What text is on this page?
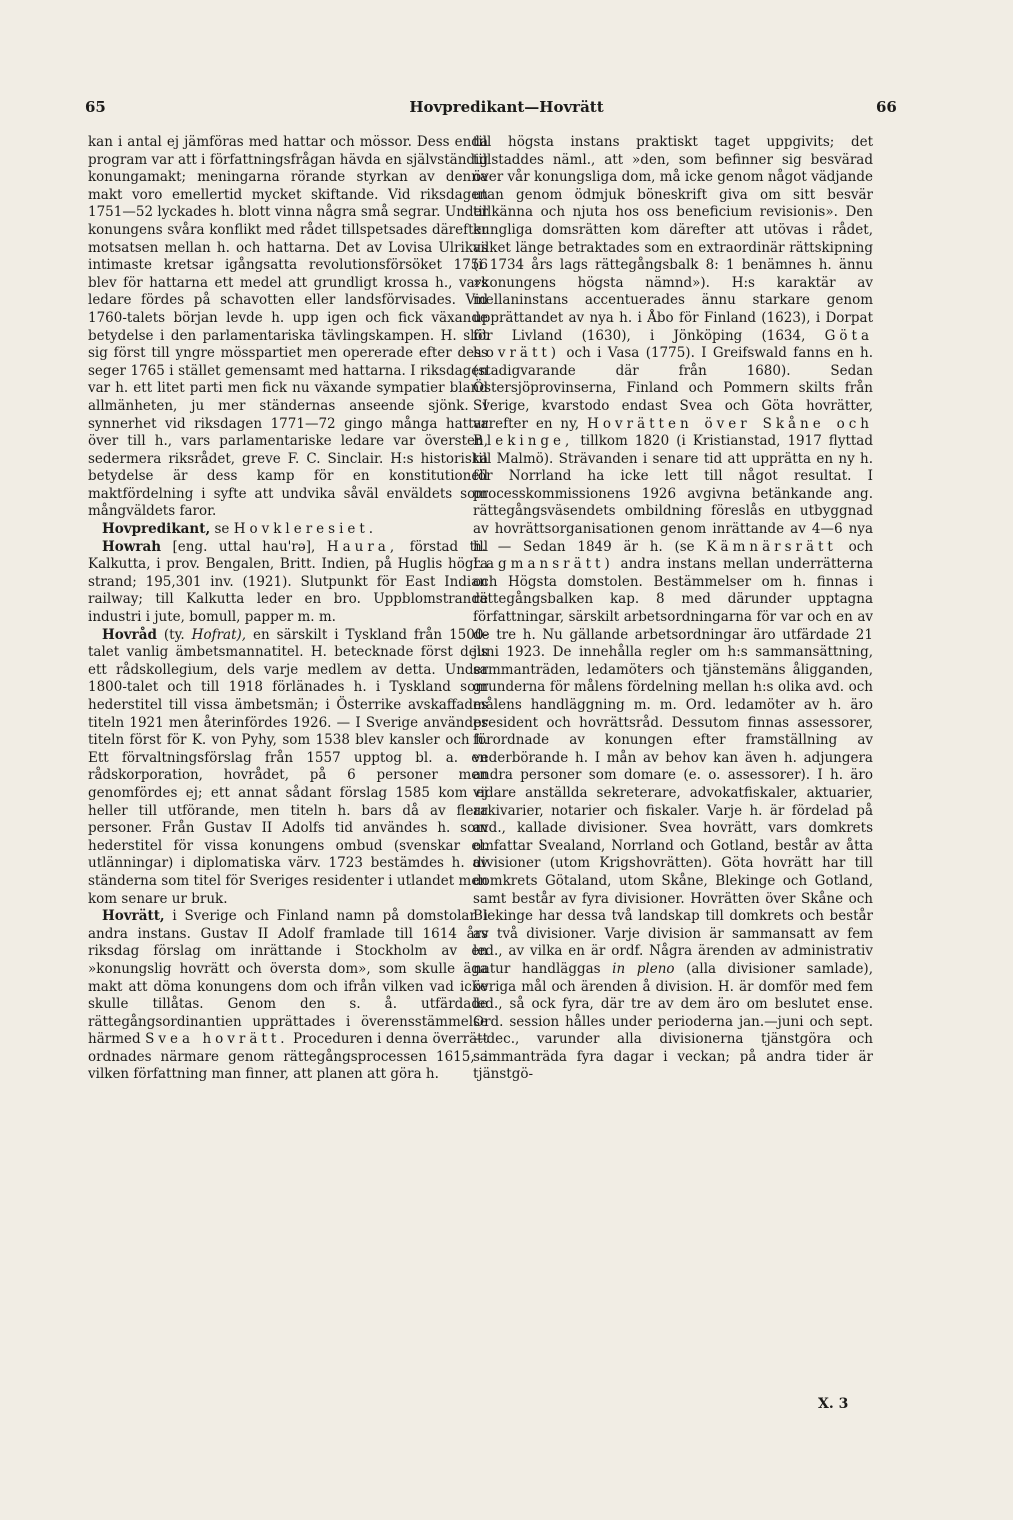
65	Hovpredikant—Hovrätt	66

kan i antal ej jämföras med hattar och mössor. Dess enda program var att i författningsfrågan hävda en självständig konungamakt; meningarna rörande styrkan av denna makt voro emellertid mycket skiftande. Vid riksdagen 1751—52 lyckades h. blott vinna några små segrar. Under konungens svåra konflikt med rådet tillspetsades därefter motsatsen mellan h. och hattarna. Det av Lovisa Ulrikas intimaste kretsar igångsatta revolutionsförsöket 1756 blev för hattarna ett medel att grundligt krossa h., vars ledare fördes på schavotten eller landsförvisades. Vid 1760-talets början levde h. upp igen och fick växande betydelse i den parlamentariska tävlingskampen. H. slöt sig först till yngre mösspartiet men opererade efter dess seger 1765 i stället gemensamt med hattarna. I riksdagen var h. ett litet parti men fick nu växande sympatier bland allmänheten, ju mer ständernas anseende sjönk. I synnerhet vid riksdagen 1771—72 gingo många hattar över till h., vars parlamentariske ledare var översten, sedermera riksrådet, greve F. C. Sinclair. H:s historiska betydelse är dess kamp för en konstitutionell maktfördelning i syfte att undvika såväl enväldets som mångväldets faror.

Hovpredikant, se Hovkleresiet.

Howrah [eng. uttal hau'rə], Haura, förstad till Kalkutta, i prov. Bengalen, Britt. Indien, på Huglis högra strand; 195,301 inv. (1921). Slutpunkt för East Indian railway; till Kalkutta leder en bro. Uppblomstrande industri i jute, bomull, papper m. m.

Hovråd (ty. Hofrat), en särskilt i Tyskland från 1500-talet vanlig ämbetsmannatitel. H. betecknade först dels ett rådskollegium, dels varje medlem av detta. Under 1800-talet och till 1918 förlänades h. i Tyskland som hederstitel till vissa ämbetsmän; i Österrike avskaffades titeln 1921 men återinfördes 1926. — I Sverige användes titeln först för K. von Pyhy, som 1538 blev kansler och h. Ett förvaltningsförslag från 1557 upptog bl. a. en rådskorporation, hovrådet, på 6 personer men genomfördes ej; ett annat sådant förslag 1585 kom ej heller till utförande, men titeln h. bars då av flera personer. Från Gustav II Adolfs tid användes h. som hederstitel för vissa konungens ombud (svenskar el. utlänningar) i diplomatiska värv. 1723 bestämdes h. av ständerna som titel för Sveriges residenter i utlandet men kom senare ur bruk.

Hovrätt, i Sverige och Finland namn på domstolar i andra instans. Gustav II Adolf framlade till 1614 års riksdag förslag om inrättande i Stockholm av en »konungslig hovrätt och översta dom», som skulle äga makt att döma konungens dom och ifrån vilken vad icke skulle tillåtas. Genom den s. å. utfärdade rättegångsordinantien upprättades i överensstämmelse härmed Svea hovrätt. Proceduren i denna överrätt ordnades närmare genom rättegångsprocessen 1615, i vilken författning man finner, att planen att göra h.

till högsta instans praktiskt taget uppgivits; det tillstaddes näml., att »den, som befinner sig besvärad över vår konungsliga dom, må icke genom något vädjande utan genom ödmjuk böneskrift giva om sitt besvär tillkänna och njuta hos oss beneficium revisionis». Den kungliga domsrätten kom därefter att utövas i rådet, vilket länge betraktades som en extraordinär rättskipning (i 1734 års lags rättegångsbalk 8: 1 benämnes h. ännu »konungens högsta nämnd»). H:s karaktär av mellaninstans accentuerades ännu starkare genom upprättandet av nya h. i Åbo för Finland (1623), i Dorpat för Livland (1630), i Jönköping (1634, Göta hovrätt) och i Vasa (1775). I Greifswald fanns en h. (stadigvarande där från 1680). Sedan Östersjöprovinserna, Finland och Pommern skilts från Sverige, kvarstodo endast Svea och Göta hovrätter, varefter en ny, Hovrätten över Skåne och Blekinge, tillkom 1820 (i Kristianstad, 1917 flyttad till Malmö). Strävanden i senare tid att upprätta en ny h. för Norrland ha icke lett till något resultat. I processkommissionens 1926 avgivna betänkande ang. rättegångsväsendets ombildning föreslås en utbyggnad av hovrättsorganisationen genom inrättande av 4—6 nya h. — Sedan 1849 är h. (se Kämnärsrätt och Lagmansrätt) andra instans mellan underrätterna och Högsta domstolen. Bestämmelser om h. finnas i rättegångsbalken kap. 8 med därunder upptagna författningar, särskilt arbetsordningarna för var och en av de tre h. Nu gällande arbetsordningar äro utfärdade 21 juni 1923. De innehålla regler om h:s sammansättning, sammanträden, ledamöters och tjänstemäns åligganden, grunderna för målens fördelning mellan h:s olika avd. och målens handläggning m. m. Ord. ledamöter av h. äro president och hovrättsråd. Dessutom finnas assessorer, förordnade av konungen efter framställning av vederbörande h. I mån av behov kan även h. adjungera andra personer som domare (e. o. assessorer). I h. äro vidare anställda sekreterare, advokatfiskaler, aktuarier, arkivarier, notarier och fiskaler. Varje h. är fördelad på avd., kallade divisioner. Svea hovrätt, vars domkrets omfattar Svealand, Norrland och Gotland, består av åtta divisioner (utom Krigshovrätten). Göta hovrätt har till domkrets Götaland, utom Skåne, Blekinge och Gotland, samt består av fyra divisioner. Hovrätten över Skåne och Blekinge har dessa två landskap till domkrets och består av två divisioner. Varje division är sammansatt av fem led., av vilka en är ordf. Några ärenden av administrativ natur handläggas in pleno (alla divisioner samlade), övriga mål och ärenden å division. H. är domför med fem led., så ock fyra, där tre av dem äro om beslutet ense. Ord. session hålles under perioderna jan.—juni och sept.—dec., varunder alla divisionerna tjänstgöra och sammanträda fyra dagar i veckan; på andra tider är tjänstgö-

X. 3
